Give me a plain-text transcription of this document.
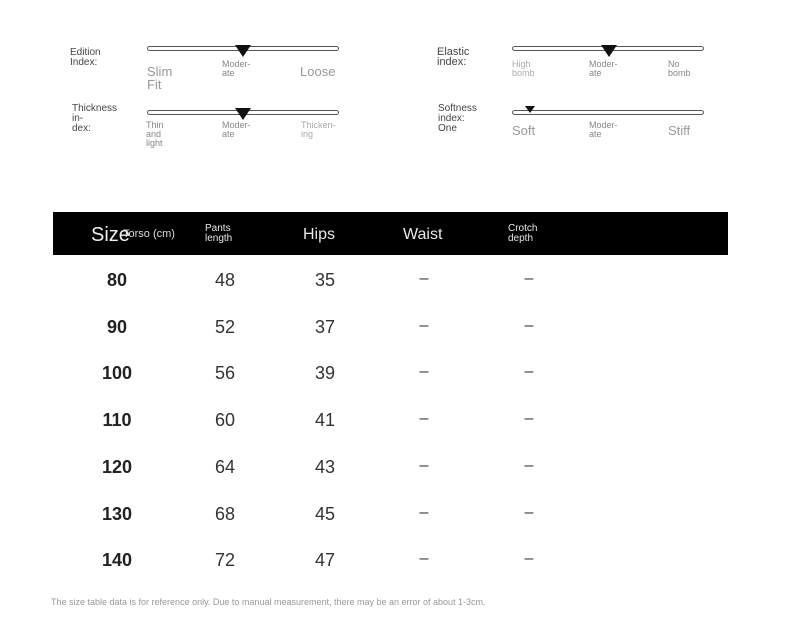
Edition Index:
Slim Fit
Moder-
ate	Loose
Elastic index:	High
bomb
Moder-
ate
No
bomb
Thickness in-
dex:	Thin and
light
Moder-
ate
Thicken-
ing
Softness index:
One	Soft	Moder-
ate	Stiff
Size
Torso (cm)	Pants
length	Hips	Waist	Crotch
depth
80	48	35	–	–
90	52	37	–	–
100	56	39	–	–
110	60	41	–	–
120	64	43	–	–
130	68	45	–	–
140	72	47	–	–
The size table data is for reference only. Due to manual measurement, there may be an error of about 1-3cm.
